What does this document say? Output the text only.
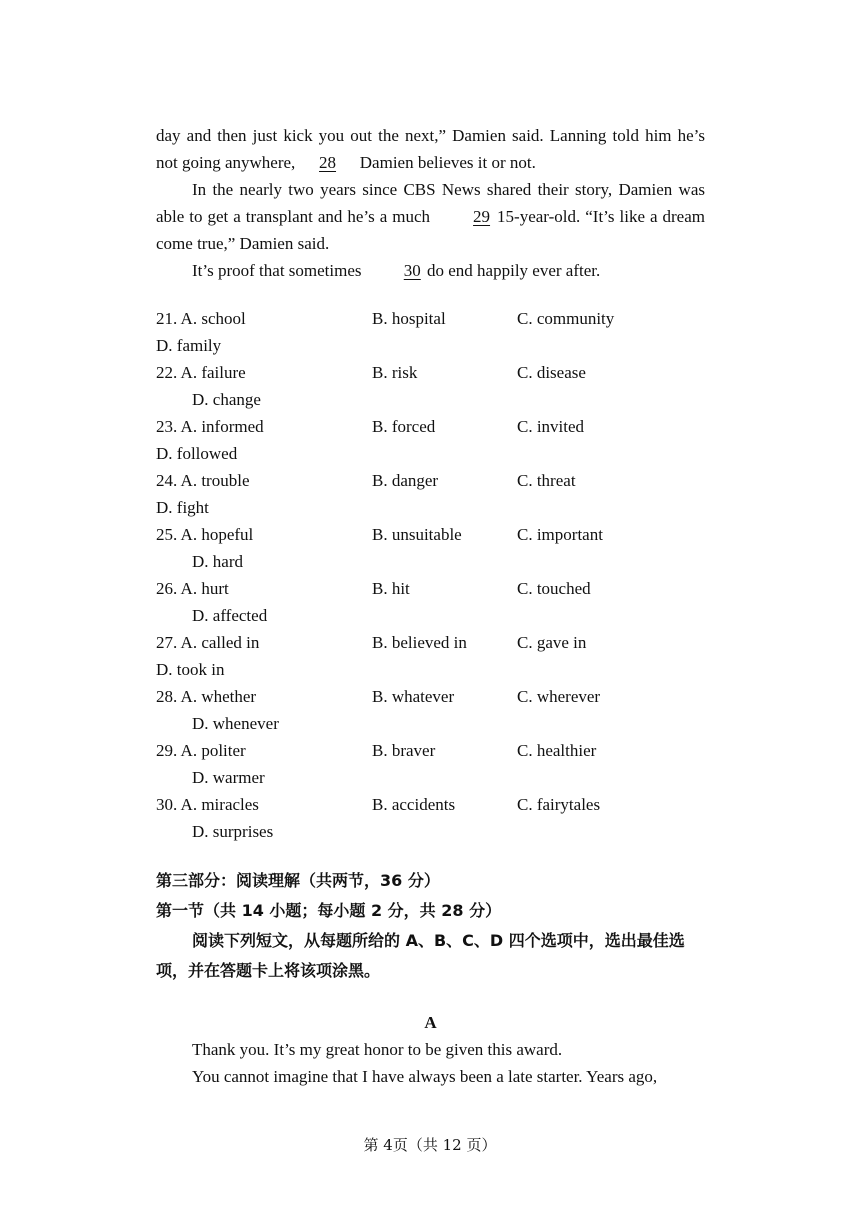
day and then just kick you out the next,” Damien said. Lanning told him he’s not going anywhere, 28 Damien believes it or not.

In the nearly two years since CBS News shared their story, Damien was able to get a transplant and he’s a much 29 15-year-old. “It’s like a dream come true,” Damien said.

It’s proof that sometimes 30 do end happily ever after.

21. A. school	B. hospital	C. community
D. family
22. A. failure	B. risk	C. disease
D. change
23. A. informed	B. forced	C. invited
D. followed
24. A. trouble	B. danger	C. threat
D. fight
25. A. hopeful	B. unsuitable	C. important
D. hard
26. A. hurt	B. hit	C. touched
D. affected
27. A. called in	B. believed in	C. gave in
D. took in
28. A. whether	B. whatever	C. wherever
D. whenever
29. A. politer	B. braver	C. healthier
D. warmer
30. A. miracles	B. accidents	C. fairytales
D. surprises

第三部分：阅读理解（共两节，36 分）

第一节（共 14 小题；每小题 2 分，共 28 分）

阅读下列短文，从每题所给的 A、B、C、D 四个选项中，选出最佳选项，并在答题卡上将该项涂黑。

A

Thank you. It’s my great honor to be given this award.

You cannot imagine that I have always been a late starter. Years ago,

第 4页（共 12 页）
